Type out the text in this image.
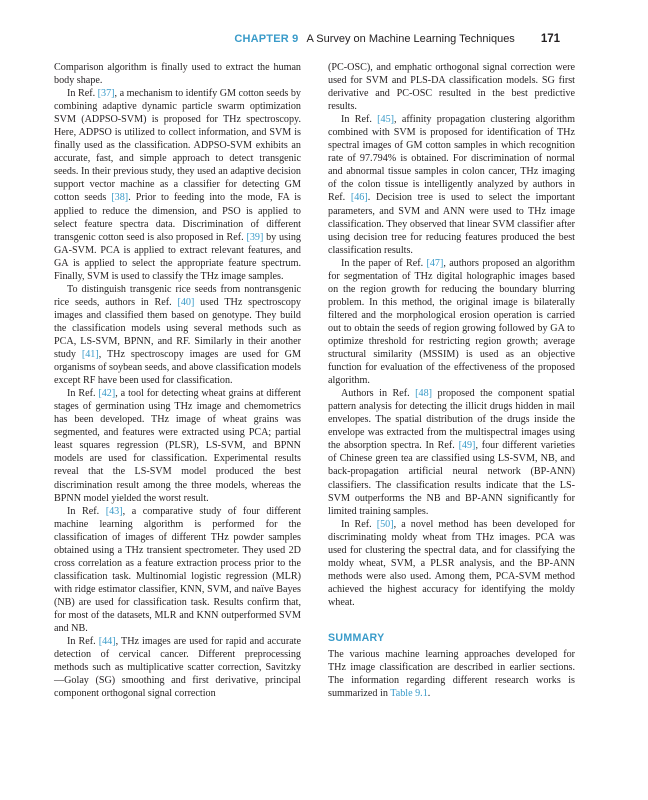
CHAPTER 9 A Survey on Machine Learning Techniques 171

Comparison algorithm is finally used to extract the human body shape.

In Ref. [37], a mechanism to identify GM cotton seeds by combining adaptive dynamic particle swarm optimization SVM (ADPSO-SVM) is proposed for THz spectroscopy. Here, ADPSO is utilized to collect information, and SVM is finally used as the classification. ADPSO-SVM exhibits an accurate, fast, and simple approach to detect transgenic seeds. In their previous study, they used an adaptive decision support vector machine as a classifier for detecting GM cotton seeds [38]. Prior to feeding into the mode, FA is applied to reduce the dimension, and PSO is applied to select feature spectra data. Discrimination of different transgenic cotton seed is also proposed in Ref. [39] by using GA-SVM. PCA is applied to extract relevant features, and GA is applied to select the appropriate feature spectrum. Finally, SVM is used to classify the THz image samples.

To distinguish transgenic rice seeds from nontransgenic rice seeds, authors in Ref. [40] used THz spectroscopy images and classified them based on genotype. They build the classification models using several methods such as PCA, LS-SVM, BPNN, and RF. Similarly in their another study [41], THz spectroscopy images are used for GM organisms of soybean seeds, and above classification models except RF have been used for classification.

In Ref. [42], a tool for detecting wheat grains at different stages of germination using THz image and chemometrics has been developed. THz image of wheat grains was segmented, and features were extracted using PCA; partial least squares regression (PLSR), LS-SVM, and BPNN models are used for classification. Experimental results reveal that the LS-SVM model produced the best discrimination result among the three models, whereas the BPNN model yielded the worst result.

In Ref. [43], a comparative study of four different machine learning algorithm is performed for the classification of images of different THz powder samples obtained using a THz transient spectrometer. They used 2D cross correlation as a feature extraction process prior to the classification task. Multinomial logistic regression (MLR) with ridge estimator classifier, KNN, SVM, and naïve Bayes (NB) are used for classification task. Results confirm that, for most of the datasets, MLR and KNN outperformed SVM and NB.

In Ref. [44], THz images are used for rapid and accurate detection of cervical cancer. Different preprocessing methods such as multiplicative scatter correction, Savitzky—Golay (SG) smoothing and first derivative, principal component orthogonal signal correction

(PC-OSC), and emphatic orthogonal signal correction were used for SVM and PLS-DA classification models. SG first derivative and PC-OSC resulted in the best predictive results.

In Ref. [45], affinity propagation clustering algorithm combined with SVM is proposed for identification of THz spectral images of GM cotton samples in which recognition rate of 97.794% is obtained. For discrimination of normal and abnormal tissue samples in colon cancer, THz imaging of the colon tissue is intelligently analyzed by authors in Ref. [46]. Decision tree is used to select the important parameters, and SVM and ANN were used to THz image classification. They observed that linear SVM classifier after using decision tree for reducing features produced the best classification results.

In the paper of Ref. [47], authors proposed an algorithm for segmentation of THz digital holographic images based on the region growth for reducing the boundary blurring problem. In this method, the original image is bilaterally filtered and the morphological erosion operation is carried out to obtain the seeds of region growing followed by GA to optimize threshold for restricting region growth; average structural similarity (MSSIM) is used as an objective function for evaluation of the effectiveness of the proposed algorithm.

Authors in Ref. [48] proposed the component spatial pattern analysis for detecting the illicit drugs hidden in mail envelopes. The spatial distribution of the drugs inside the envelope was extracted from the multispectral images using the absorption spectra. In Ref. [49], four different varieties of Chinese green tea are classified using LS-SVM, NB, and back-propagation artificial neural network (BP-ANN) classifiers. The classification results indicate that the LS-SVM outperforms the NB and BP-ANN significantly for limited training samples.

In Ref. [50], a novel method has been developed for discriminating moldy wheat from THz images. PCA was used for clustering the spectral data, and for classifying the moldy wheat, SVM, a PLSR analysis, and the BP-ANN methods were also used. Among them, PCA-SVM method achieved the highest accuracy for identifying the moldy wheat.

SUMMARY

The various machine learning approaches developed for THz image classification are described in earlier sections. The information regarding different research works is summarized in Table 9.1.
